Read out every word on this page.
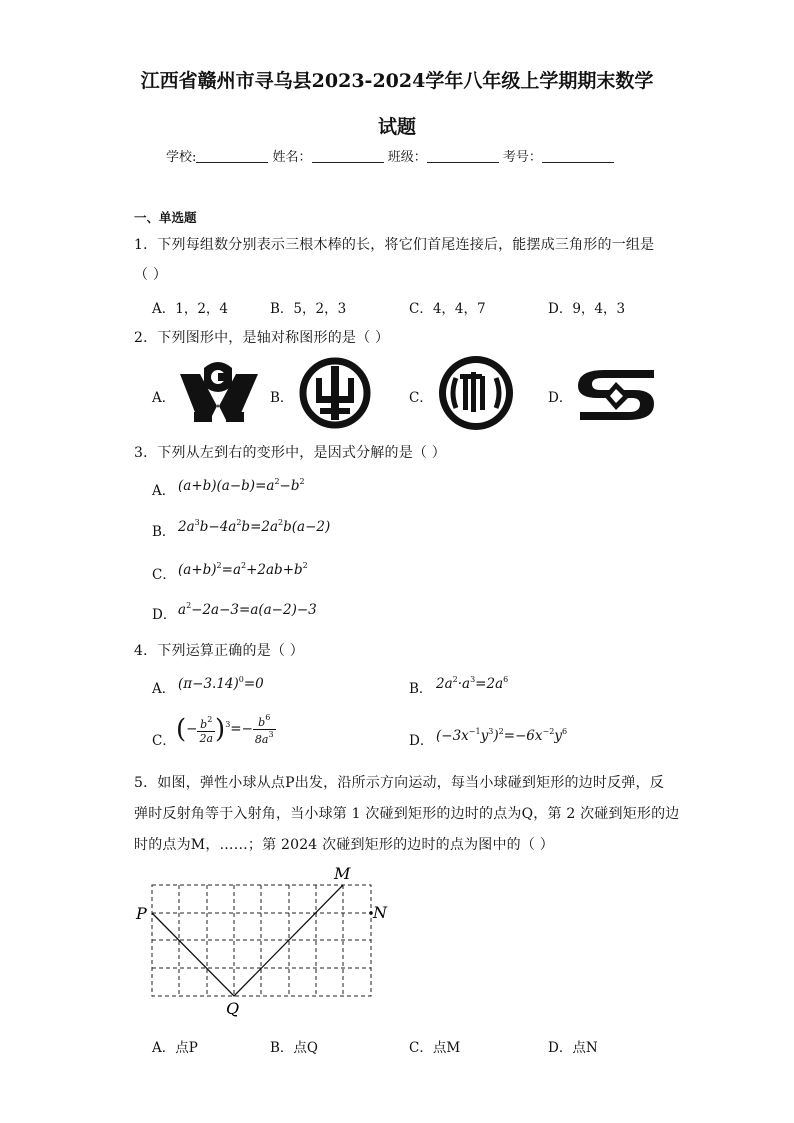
江西省赣州市寻乌县2023-2024学年八年级上学期期末数学
试题
学校:	姓名：	班级：	考号：
一、单选题
1．下列每组数分别表示三根木棒的长，将它们首尾连接后，能摆成三角形的一组是
（ ）
A．1，2，4	B．5，2，3	C．4，4，7	D．9，4，3
2．下列图形中，是轴对称图形的是（ ）
A．	B．	C．	D．
3．下列从左到右的变形中，是因式分解的是（ ）
A． $(a+b)(a-b)=a^2-b^2$
B． $2a^3b-4a^2b=2a^2b(a-2)$
C． $(a+b)^2=a^2+2ab+b^2$
D． $a^2-2a-3=a(a-2)-3$
4．下列运算正确的是（ ）
A． $(\pi-3.14)^0=0$	B． $2a^2\cdot a^3=2a^6$
C． (− $\frac{b^2}{2a} )^3=- \frac{b^6}{8a^3}$	D． $(-3x^{-1}y^3)^2=-6x^{-2}y^6$
5．如图，弹性小球从点P出发，沿所示方向运动，每当小球碰到矩形的边时反弹，反
弹时反射角等于入射角，当小球第 1 次碰到矩形的边时的点为Q，第 2 次碰到矩形的边
时的点为M，……；第 2024 次碰到矩形的边时的点为图中的（ ）
P
Q
M
N
A．点P	B．点Q	C．点M	D．点N
